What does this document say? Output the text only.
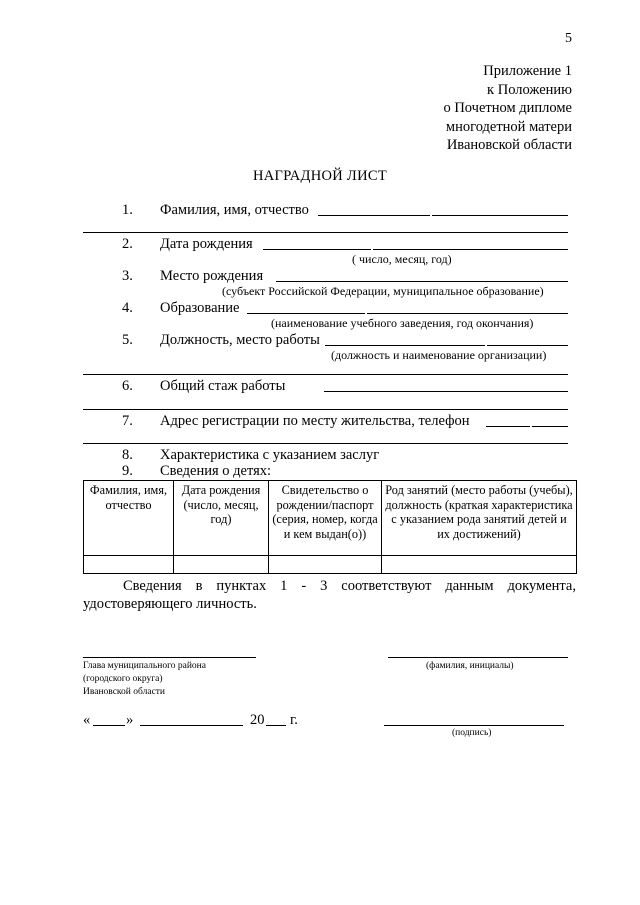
5
Приложение 1
к Положению
о Почетном дипломе
многодетной матери
Ивановской области
НАГРАДНОЙ ЛИСТ
1. Фамилия, имя, отчество
2. Дата рождения
( число, месяц, год)
3. Место рождения
(субъект Российской Федерации, муниципальное образование)
4. Образование
(наименование учебного заведения, год окончания)
5. Должность, место работы
(должность и наименование организации)
6. Общий стаж работы
7. Адрес регистрации по месту жительства, телефон
8. Характеристика с указанием заслуг
9. Сведения о детях:
Фамилия, имя, отчество	Дата рождения (число, месяц, год)	Свидетельство о рождении/паспорт (серия, номер, когда и кем выдан(о))	Род занятий (место работы (учебы), должность (краткая характеристика с указанием рода занятий детей и их достижений)

Сведения в пунктах 1 - 3 соответствуют данным документа,
удостоверяющего личность.
Глава муниципального района
(городского округа)
Ивановской области
(фамилия, инициалы)
« »	20 г.
(подпись)
